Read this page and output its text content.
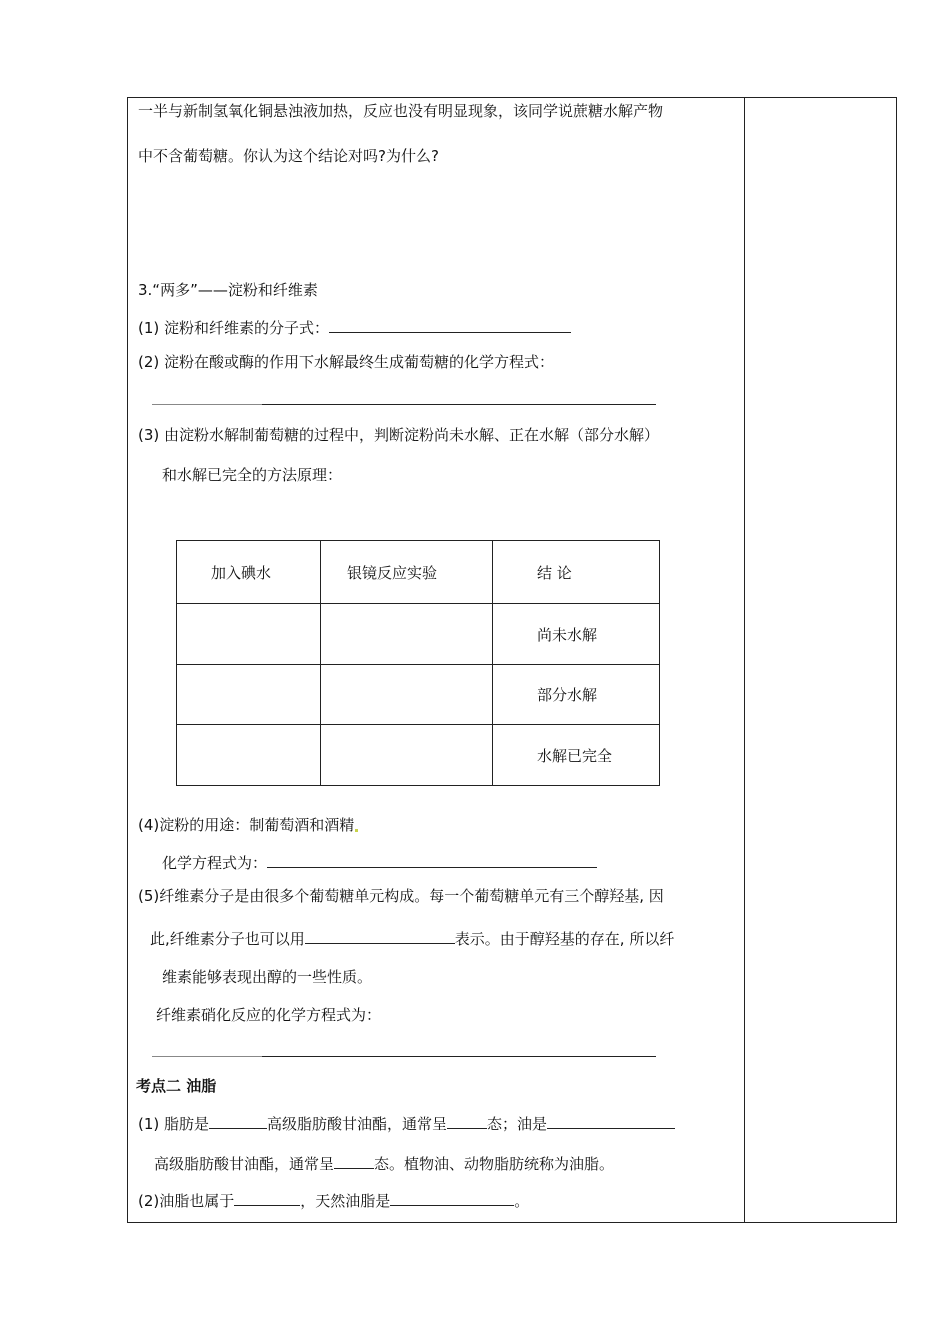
一半与新制氢氧化铜悬浊液加热，反应也没有明显现象，该同学说蔗糖水解产物
中不含葡萄糖。你认为这个结论对吗?为什么?
3.“两多”——淀粉和纤维素
(1) 淀粉和纤维素的分子式：
(2) 淀粉在酸或酶的作用下水解最终生成葡萄糖的化学方程式：
(3) 由淀粉水解制葡萄糖的过程中，判断淀粉尚未水解、正在水解（部分水解）
和水解已完全的方法原理：
加入碘水	银镜反应实验	结 论
		尚未水解
		部分水解
		水解已完全
(4)淀粉的用途：制葡萄酒和酒精
化学方程式为：
(5)纤维素分子是由很多个葡萄糖单元构成。每一个葡萄糖单元有三个醇羟基, 因
此,纤维素分子也可以用	表示。由于醇羟基的存在, 所以纤
维素能够表现出醇的一些性质。
纤维素硝化反应的化学方程式为：
考点二 油脂
(1) 脂肪是	高级脂肪酸甘油酯，通常呈	态；油是
高级脂肪酸甘油酯，通常呈	态。植物油、动物脂肪统称为油脂。
(2)油脂也属于	，天然油脂是	。
